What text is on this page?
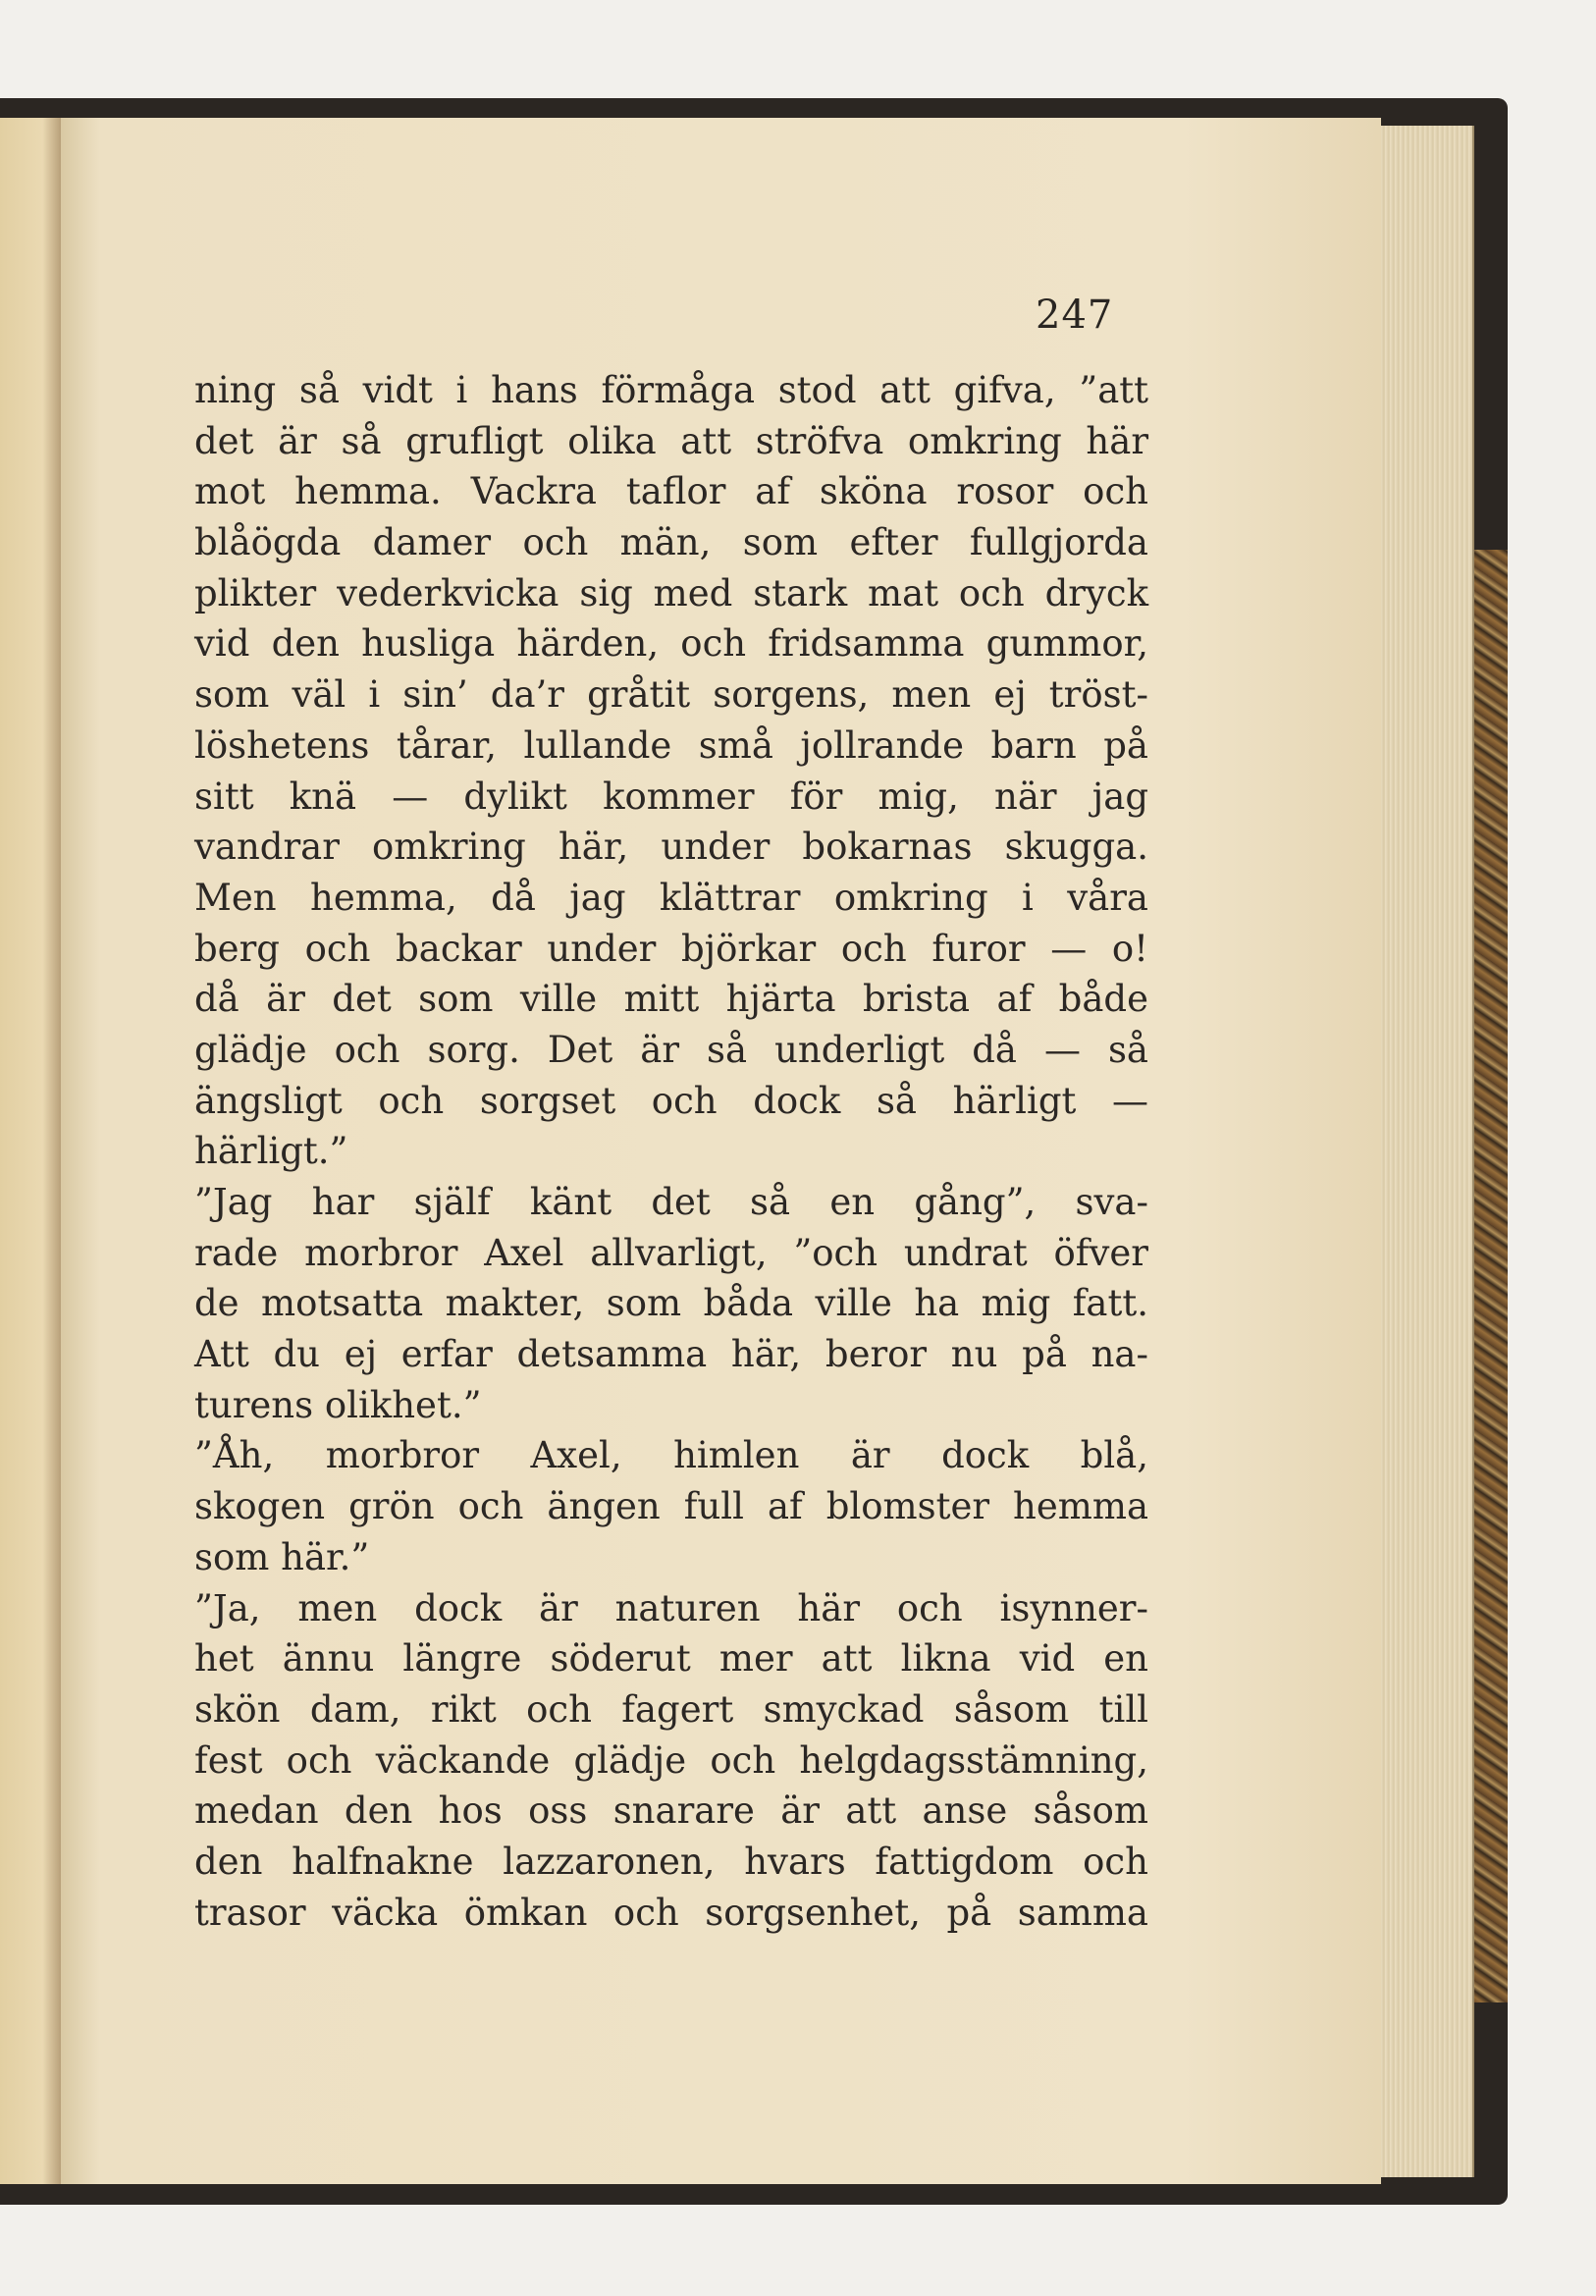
247
ning så vidt i hans förmåga stod att gifva, ”att
det är så grufligt olika att ströfva omkring här
mot hemma. Vackra taflor af sköna rosor och
blåögda damer och män, som efter fullgjorda
plikter vederkvicka sig med stark mat och dryck
vid den husliga härden, och fridsamma gummor,
som väl i sin’ da’r gråtit sorgens, men ej tröst-
löshetens tårar, lullande små jollrande barn på
sitt knä — dylikt kommer för mig, när jag
vandrar omkring här, under bokarnas skugga.
Men hemma, då jag klättrar omkring i våra
berg och backar under björkar och furor — o!
då är det som ville mitt hjärta brista af både
glädje och sorg. Det är så underligt då — så
ängsligt och sorgset och dock så härligt —
härligt.”
”Jag har själf känt det så en gång”, sva-
rade morbror Axel allvarligt, ”och undrat öfver
de motsatta makter, som båda ville ha mig fatt.
Att du ej erfar detsamma här, beror nu på na-
turens olikhet.”
”Åh, morbror Axel, himlen är dock blå,
skogen grön och ängen full af blomster hemma
som här.”
”Ja, men dock är naturen här och isynner-
het ännu längre söderut mer att likna vid en
skön dam, rikt och fagert smyckad såsom till
fest och väckande glädje och helgdagsstämning,
medan den hos oss snarare är att anse såsom
den halfnakne lazzaronen, hvars fattigdom och
trasor väcka ömkan och sorgsenhet, på samma
